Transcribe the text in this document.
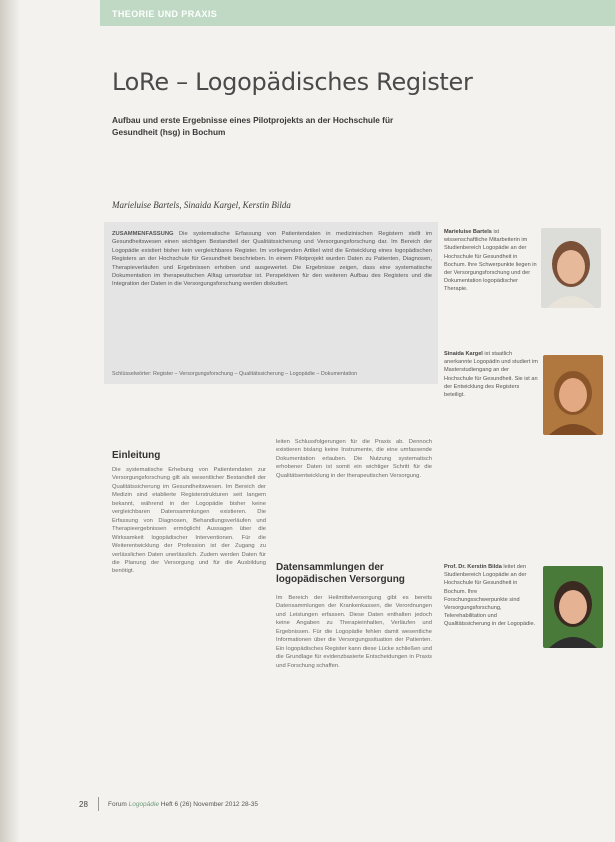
THEORIE UND PRAXIS
LoRe – Logopädisches Register
Aufbau und erste Ergebnisse eines Pilotprojekts an der Hochschule für Gesundheit (hsg) in Bochum
Marieluise Bartels, Sinaida Kargel, Kerstin Bilda
ZUSAMMENFASSUNG Die systematische Erfassung von Patientendaten in medizinischen Registern stellt im Gesundheitswesen einen wichtigen Bestandteil der Qualitätssicherung und Versorgungsforschung dar. Im Bereich der Logopädie existiert bisher kein vergleichbares Register. Im vorliegenden Artikel wird die Entwicklung eines logopädischen Registers an der Hochschule für Gesundheit beschrieben. In einem Pilotprojekt wurden Daten zu Patienten, Diagnosen, Therapieverläufen und Ergebnissen erhoben und ausgewertet. Die Ergebnisse zeigen, dass eine systematische Dokumentation im therapeutischen Alltag umsetzbar ist. Perspektiven für den weiteren Aufbau des Registers und die Integration der Daten in die Versorgungsforschung werden diskutiert.
Schlüsselwörter: Register – Versorgungsforschung – Qualitätssicherung – Logopädie – Dokumentation
Einleitung
Die systematische Erhebung von Patientendaten zur Versorgungsforschung gilt als wesentlicher Bestandteil der Qualitätssicherung im Gesundheitswesen. Im Bereich der Medizin sind etablierte Registerstrukturen seit langem bekannt, während in der Logopädie bisher keine vergleichbaren Datensammlungen existieren. Die Erfassung von Diagnosen, Behandlungsverläufen und Therapieergebnissen ermöglicht Aussagen über die Wirksamkeit logopädischer Interventionen. Für die Weiterentwicklung der Profession ist der Zugang zu verlässlichen Daten unerlässlich. Zudem werden Daten für die Planung der Versorgung und für die Ausbildung benötigt.
leiten Schlussfolgerungen für die Praxis ab. Dennoch existieren bislang keine Instrumente, die eine umfassende Dokumentation erlauben. Die Nutzung systematisch erhobener Daten ist somit ein wichtiger Schritt für die Qualitätsentwicklung in der therapeutischen Versorgung.
Datensammlungen der logopädischen Versorgung
Im Bereich der Heilmittelversorgung gibt es bereits Datensammlungen der Krankenkassen, die Verordnungen und Leistungen erfassen. Diese Daten enthalten jedoch keine Angaben zu Therapieinhalten, Verläufen und Ergebnissen. Für die Logopädie fehlen damit wesentliche Informationen über die Versorgungssituation der Patienten. Ein logopädisches Register kann diese Lücke schließen und die Grundlage für evidenzbasierte Entscheidungen in Praxis und Forschung schaffen.
Marieluise Bartels ist wissenschaftliche Mitarbeiterin im Studienbereich Logopädie an der Hochschule für Gesundheit in Bochum. Ihre Schwerpunkte liegen in der Versorgungsforschung und der Dokumentation logopädischer Therapie.
Sinaida Kargel ist staatlich anerkannte Logopädin und studiert im Masterstudiengang an der Hochschule für Gesundheit. Sie ist an der Entwicklung des Registers beteiligt.
Prof. Dr. Kerstin Bilda leitet den Studienbereich Logopädie an der Hochschule für Gesundheit in Bochum. Ihre Forschungsschwerpunkte sind Versorgungsforschung, Telerehabilitation und Qualitätssicherung in der Logopädie.
28	Forum Logopädie Heft 6 (26) November 2012 28-35
